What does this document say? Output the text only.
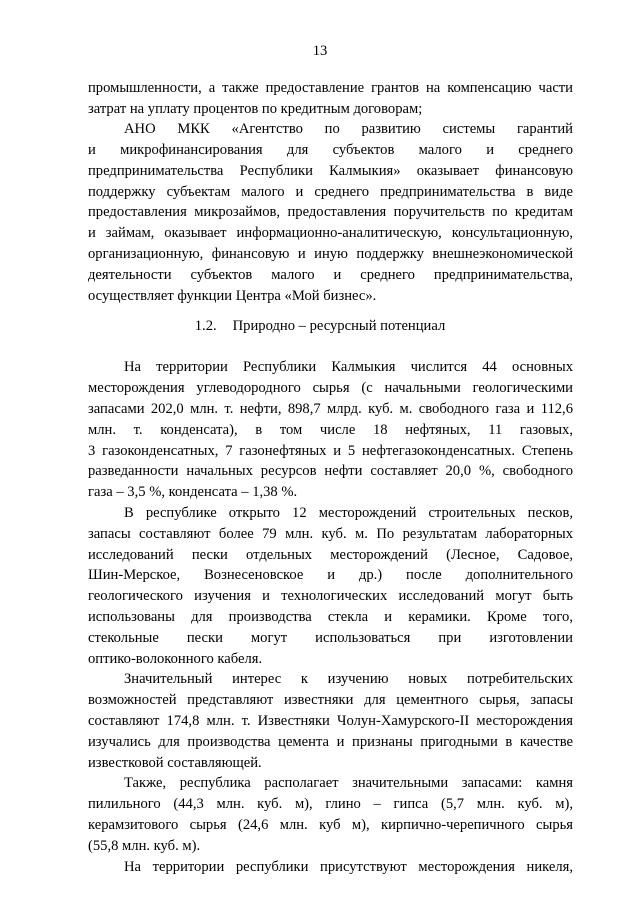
13
промышленности, а также предоставление грантов на компенсацию части
затрат на уплату процентов по кредитным договорам;
АНО МКК «Агентство по развитию системы гарантий
и микрофинансирования для субъектов малого и среднего
предпринимательства Республики Калмыкия» оказывает финансовую
поддержку субъектам малого и среднего предпринимательства в виде
предоставления микрозаймов, предоставления поручительств по кредитам
и займам, оказывает информационно-аналитическую, консультационную,
организационную, финансовую и иную поддержку внешнеэкономической
деятельности субъектов малого и среднего предпринимательства,
осуществляет функции Центра «Мой бизнес».
1.2. Природно – ресурсный потенциал
На территории Республики Калмыкия числится 44 основных
месторождения углеводородного сырья (с начальными геологическими
запасами 202,0 млн. т. нефти, 898,7 млрд. куб. м. свободного газа и 112,6
млн. т. конденсата), в том числе 18 нефтяных, 11 газовых,
3 газоконденсатных, 7 газонефтяных и 5 нефтегазоконденсатных. Степень
разведанности начальных ресурсов нефти составляет 20,0 %, свободного
газа – 3,5 %, конденсата – 1,38 %.
В республике открыто 12 месторождений строительных песков,
запасы составляют более 79 млн. куб. м. По результатам лабораторных
исследований пески отдельных месторождений (Лесное, Садовое,
Шин-Мерское, Вознесеновское и др.) после дополнительного
геологического изучения и технологических исследований могут быть
использованы для производства стекла и керамики. Кроме того,
стекольные пески могут использоваться при изготовлении
оптико-волоконного кабеля.
Значительный интерес к изучению новых потребительских
возможностей представляют известняки для цементного сырья, запасы
составляют 174,8 млн. т. Известняки Чолун-Хамурского-II месторождения
изучались для производства цемента и признаны пригодными в качестве
известковой составляющей.
Также, республика располагает значительными запасами: камня
пилильного (44,3 млн. куб. м), глино – гипса (5,7 млн. куб. м),
керамзитового сырья (24,6 млн. куб м), кирпично-черепичного сырья
(55,8 млн. куб. м).
На территории республики присутствуют месторождения никеля,
